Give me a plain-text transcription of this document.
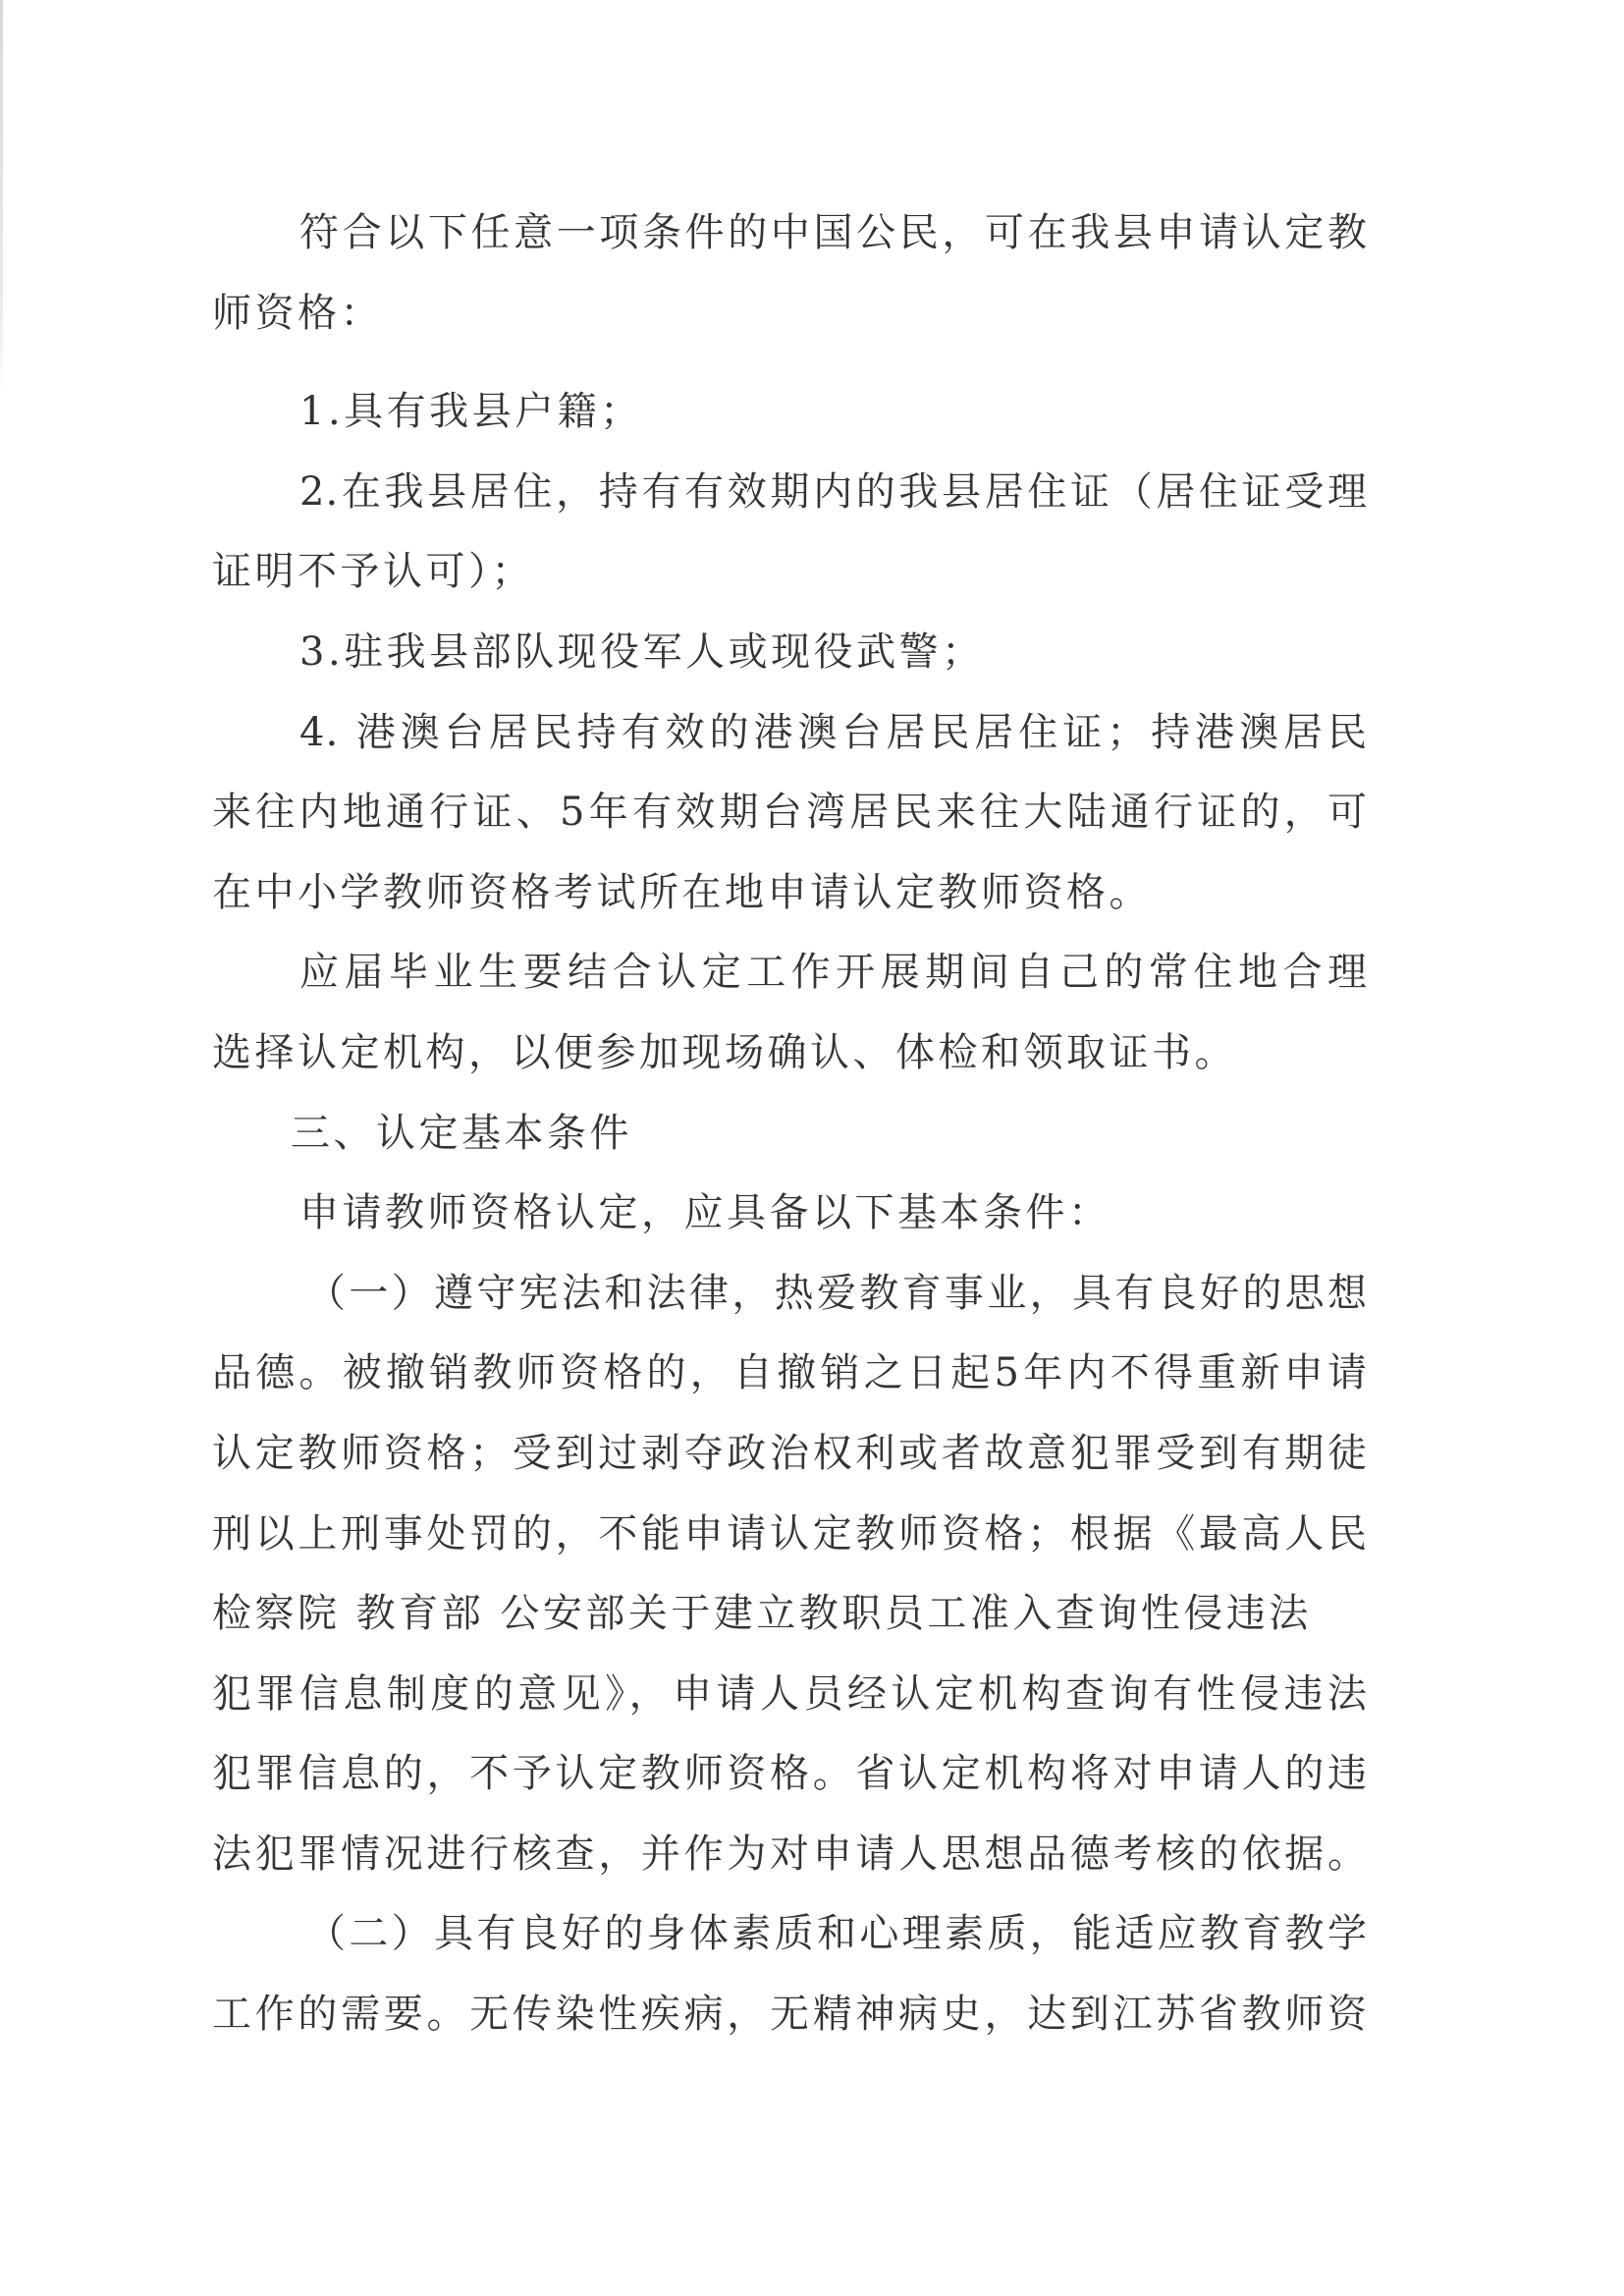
符合以下任意一项条件的中国公民，可在我县申请认定教
师资格：
1.具有我县户籍；
2.在我县居住，持有有效期内的我县居住证（居住证受理
证明不予认可）；
3.驻我县部队现役军人或现役武警；
4. 港澳台居民持有效的港澳台居民居住证；持港澳居民
来往内地通行证、5年有效期台湾居民来往大陆通行证的，可
在中小学教师资格考试所在地申请认定教师资格。
应届毕业生要结合认定工作开展期间自己的常住地合理
选择认定机构，以便参加现场确认、体检和领取证书。
三、认定基本条件
申请教师资格认定，应具备以下基本条件：
（一）遵守宪法和法律，热爱教育事业，具有良好的思想
品德。被撤销教师资格的，自撤销之日起5年内不得重新申请
认定教师资格；受到过剥夺政治权利或者故意犯罪受到有期徒
刑以上刑事处罚的，不能申请认定教师资格；根据《最高人民
检察院 教育部 公安部关于建立教职员工准入查询性侵违法
犯罪信息制度的意见》，申请人员经认定机构查询有性侵违法
犯罪信息的，不予认定教师资格。省认定机构将对申请人的违
法犯罪情况进行核查，并作为对申请人思想品德考核的依据。
（二）具有良好的身体素质和心理素质，能适应教育教学
工作的需要。无传染性疾病，无精神病史，达到江苏省教师资
